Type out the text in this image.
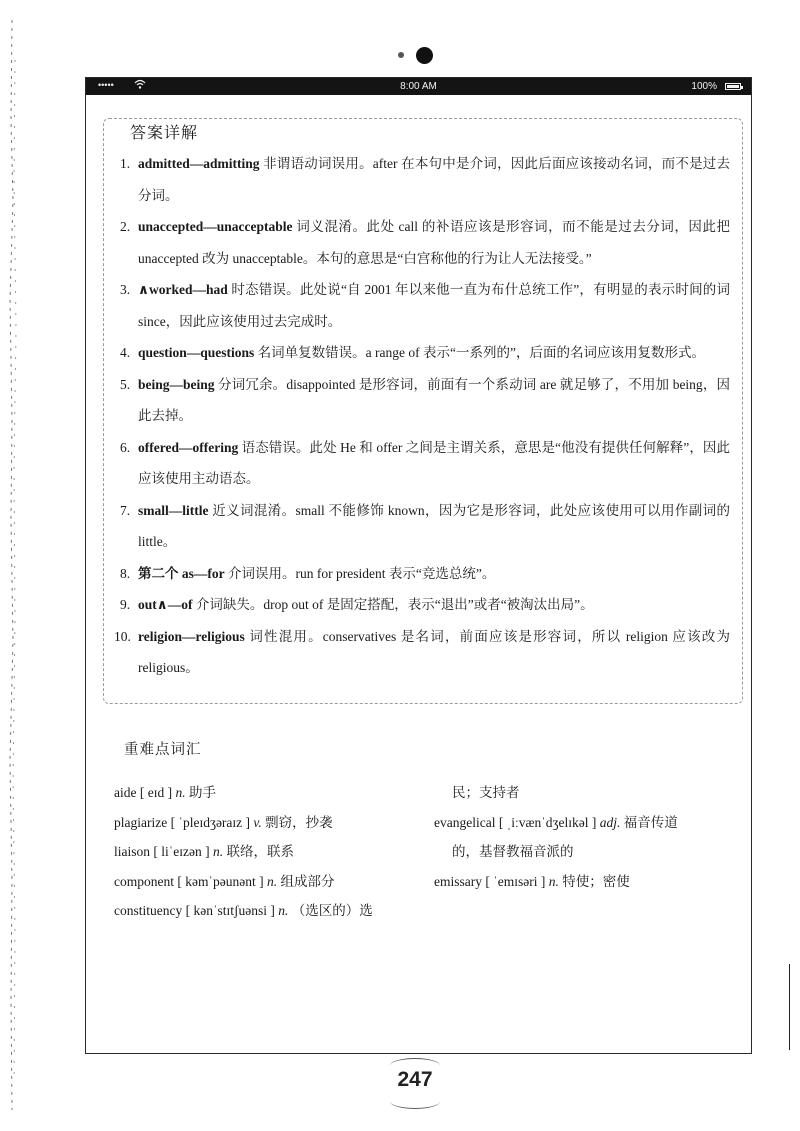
•••••	8:00 AM	100%
答案详解
1. admitted—admitting 非谓语动词误用。after 在本句中是介词，因此后面应该接动名词，而不是过去分词。
2. unaccepted—unacceptable 词义混淆。此处 call 的补语应该是形容词，而不能是过去分词，因此把 unaccepted 改为 unacceptable。本句的意思是“白宫称他的行为让人无法接受。”
3. ∧worked—had 时态错误。此处说“自 2001 年以来他一直为布什总统工作”，有明显的表示时间的词 since，因此应该使用过去完成时。
4. question—questions 名词单复数错误。a range of 表示“一系列的”，后面的名词应该用复数形式。
5. being—being 分词冗余。disappointed 是形容词，前面有一个系动词 are 就足够了，不用加 being，因此去掉。
6. offered—offering 语态错误。此处 He 和 offer 之间是主谓关系，意思是“他没有提供任何解释”，因此应该使用主动语态。
7. small—little 近义词混淆。small 不能修饰 known，因为它是形容词，此处应该使用可以用作副词的 little。
8. 第二个 as—for 介词误用。run for president 表示“竞选总统”。
9. out∧—of 介词缺失。drop out of 是固定搭配，表示“退出”或者“被淘汰出局”。
10. religion—religious 词性混用。conservatives 是名词，前面应该是形容词，所以 religion 应该改为 religious。
重难点词汇

aide [ eɪd ] n. 助手

plagiarize [ ˈpleɪdʒəraɪz ] v. 剽窃，抄袭

liaison [ liˈeɪzən ] n. 联络，联系

component [ kəmˈpəunənt ] n. 组成部分

constituency [ kənˈstɪtʃuənsi ] n. （选区的）选

民；支持者

evangelical [ ˌiːvænˈdʒelɪkəl ] adj. 福音传道

的，基督教福音派的

emissary [ ˈemɪsəri ] n. 特使；密使

247
